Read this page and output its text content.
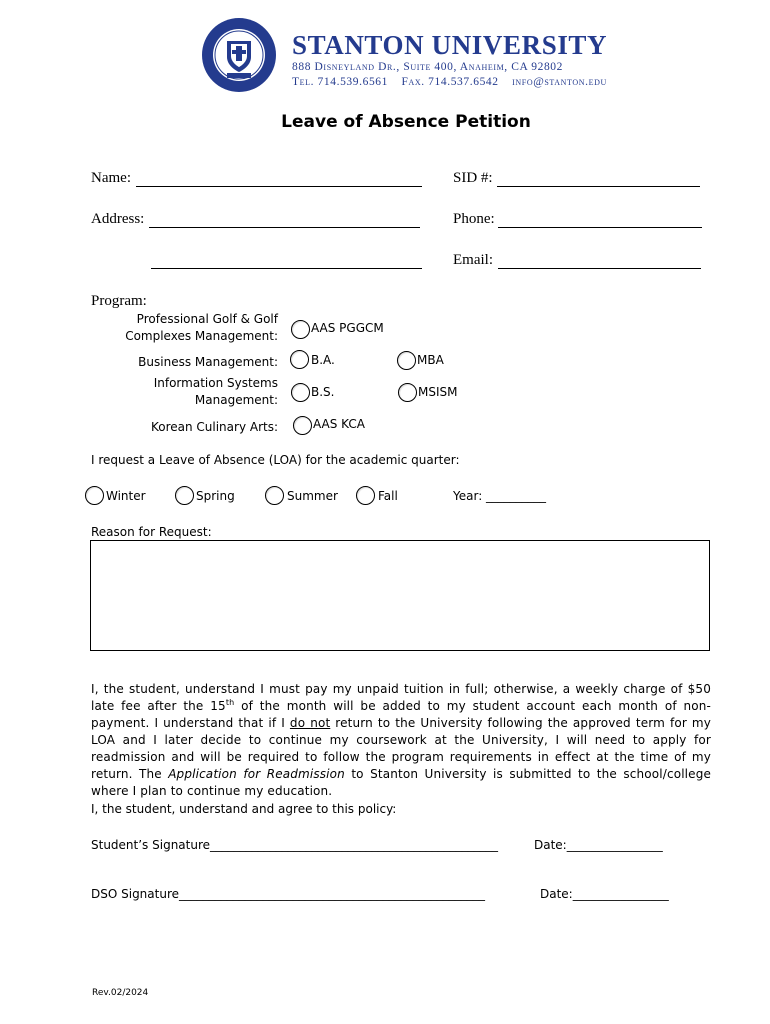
STANTON UNIVERSITY
888 Disneyland Dr., Suite 400, Anaheim, CA 92802
Tel. 714.539.6561 Fax. 714.537.6542 info@stanton.edu
Leave of Absence Petition
Name:	SID #:
Address:	Phone:
Email:
Program:
Professional Golf & Golf
Complexes Management:
AAS PGGCM
Business Management:	B.A.	MBA
Information Systems
Management:
B.S.	MSISM
Korean Culinary Arts:	AAS KCA
I request a Leave of Absence (LOA) for the academic quarter:
Winter	Spring	Summer	Fall	Year: __________
Reason for Request:
I, the student, understand I must pay my unpaid tuition in full; otherwise, a weekly charge of $50 late fee after the 15th of the month will be added to my student account each month of non-payment. I understand that if I do not return to the University following the approved term for my LOA and I later decide to continue my coursework at the University, I will need to apply for readmission and will be required to follow the program requirements in effect at the time of my return. The Application for Readmission to Stanton University is submitted to the school/college where I plan to continue my education.
I, the student, understand and agree to this policy:
Student’s Signature________________________________________________	Date:________________
DSO Signature___________________________________________________	Date:________________
Rev.02/2024
